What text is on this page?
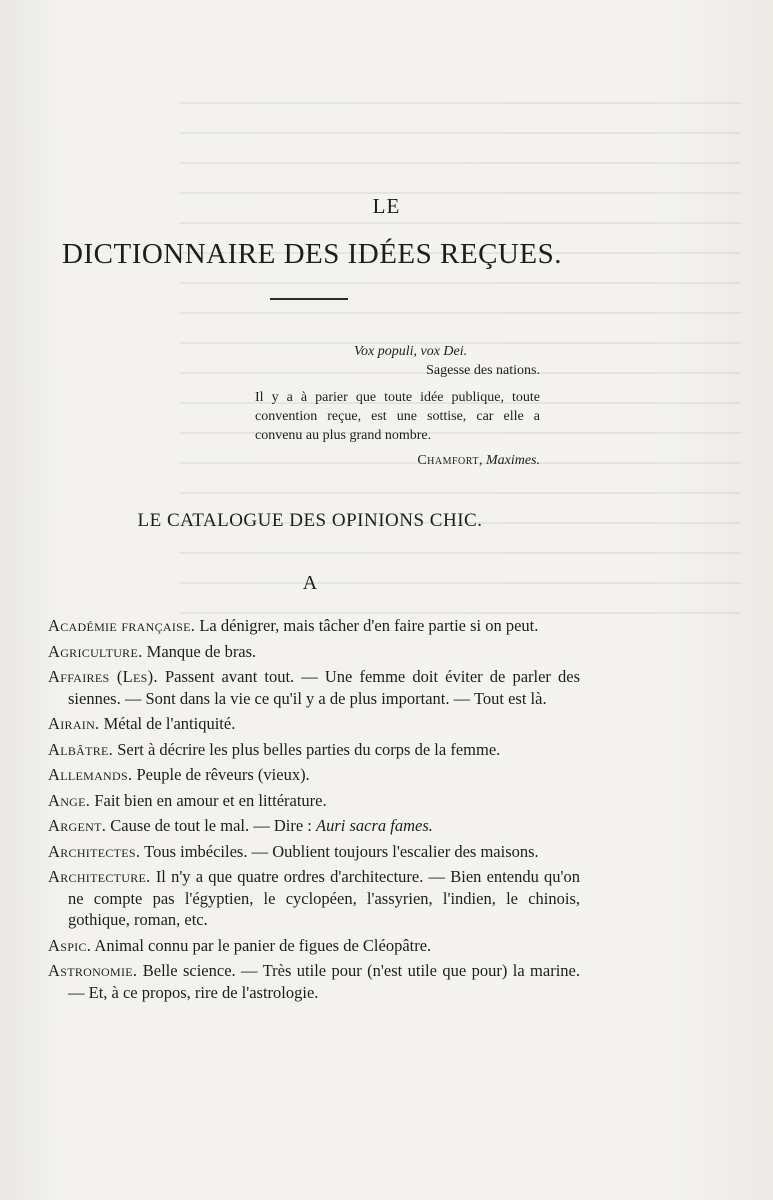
LE
DICTIONNAIRE DES IDÉES REÇUES.
Vox populi, vox Dei.
Sagesse des nations.
Il y a à parier que toute idée publique, toute convention reçue, est une sottise, car elle a convenu au plus grand nombre.
Chamfort, Maximes.
LE CATALOGUE DES OPINIONS CHIC.
A

Académie française. La dénigrer, mais tâcher d'en faire partie si on peut.

Agriculture. Manque de bras.

Affaires (Les). Passent avant tout. — Une femme doit éviter de parler des siennes. — Sont dans la vie ce qu'il y a de plus important. — Tout est là.

Airain. Métal de l'antiquité.

Albâtre. Sert à décrire les plus belles parties du corps de la femme.

Allemands. Peuple de rêveurs (vieux).

Ange. Fait bien en amour et en littérature.

Argent. Cause de tout le mal. — Dire : Auri sacra fames.

Architectes. Tous imbéciles. — Oublient toujours l'escalier des maisons.

Architecture. Il n'y a que quatre ordres d'architecture. — Bien entendu qu'on ne compte pas l'égyptien, le cyclopéen, l'assyrien, l'indien, le chinois, gothique, roman, etc.

Aspic. Animal connu par le panier de figues de Cléopâtre.

Astronomie. Belle science. — Très utile pour (n'est utile que pour) la marine. — Et, à ce propos, rire de l'astrologie.
